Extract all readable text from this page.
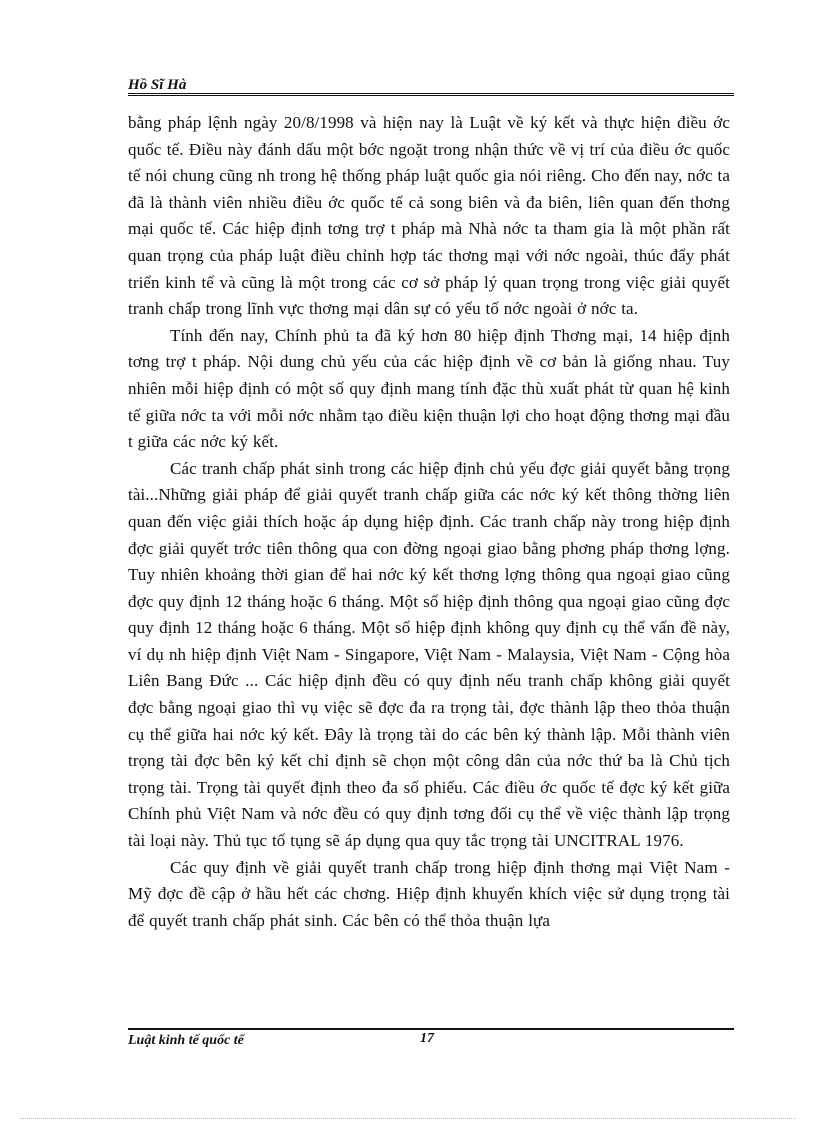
Hồ Sĩ Hà

bằng pháp lệnh ngày 20/8/1998 và hiện nay là Luật về ký kết và thực hiện điều ớc quốc tế. Điều này đánh dấu một bớc ngoặt trong nhận thức về vị trí của điều ớc quốc tế nói chung cũng nh trong hệ thống pháp luật quốc gia nói riêng. Cho đến nay, nớc ta đã là thành viên nhiều điều ớc quốc tế cả song biên và đa biên, liên quan đến thơng mại quốc tế. Các hiệp định tơng trợ t pháp mà Nhà nớc ta tham gia là một phần rất quan trọng của pháp luật điều chỉnh hợp tác thơng mại với nớc ngoài, thúc đẩy phát triển kinh tế và cũng là một trong các cơ sở pháp lý quan trọng trong việc giải quyết tranh chấp trong lĩnh vực thơng mại dân sự có yếu tố nớc ngoài ở nớc ta.

Tính đến nay, Chính phủ ta đã ký hơn 80 hiệp định Thơng mại, 14 hiệp định tơng trợ t pháp. Nội dung chủ yếu của các hiệp định về cơ bản là giống nhau. Tuy nhiên mỗi hiệp định có một số quy định mang tính đặc thù xuất phát từ quan hệ kinh tế giữa nớc ta với mỗi nớc nhằm tạo điều kiện thuận lợi cho hoạt động thơng mại đầu t giữa các nớc ký kết.

Các tranh chấp phát sinh trong các hiệp định chủ yếu đợc giải quyết bằng trọng tài...Những giải pháp để giải quyết tranh chấp giữa các nớc ký kết thông thờng liên quan đến việc giải thích hoặc áp dụng hiệp định. Các tranh chấp này trong hiệp định đợc giải quyết trớc tiên thông qua con đờng ngoại giao bằng phơng pháp thơng lợng. Tuy nhiên khoảng thời gian để hai nớc ký kết thơng lợng thông qua ngoại giao cũng đợc quy định 12 tháng hoặc 6 tháng. Một số hiệp định thông qua ngoại giao cũng đợc quy định 12 tháng hoặc 6 tháng. Một số hiệp định không quy định cụ thể vấn đề này, ví dụ nh hiệp định Việt Nam - Singapore, Việt Nam - Malaysia, Việt Nam - Cộng hòa Liên Bang Đức ... Các hiệp định đều có quy định nếu tranh chấp không giải quyết đợc bằng ngoại giao thì vụ việc sẽ đợc đa ra trọng tài, đợc thành lập theo thỏa thuận cụ thể giữa hai nớc ký kết. Đây là trọng tài do các bên ký thành lập. Mỗi thành viên trọng tài đợc bên ký kết chỉ định sẽ chọn một công dân của nớc thứ ba là Chủ tịch trọng tài. Trọng tài quyết định theo đa số phiếu. Các điều ớc quốc tế đợc ký kết giữa Chính phủ Việt Nam và nớc đều có quy định tơng đối cụ thể về việc thành lập trọng tài loại này. Thủ tục tố tụng sẽ áp dụng qua quy tắc trọng tài UNCITRAL 1976.

Các quy định về giải quyết tranh chấp trong hiệp định thơng mại Việt Nam - Mỹ đợc đề cập ở hầu hết các chơng. Hiệp định khuyến khích việc sử dụng trọng tài để quyết tranh chấp phát sinh. Các bên có thể thỏa thuận lựa

Luật kinh tế quốc tế	17
